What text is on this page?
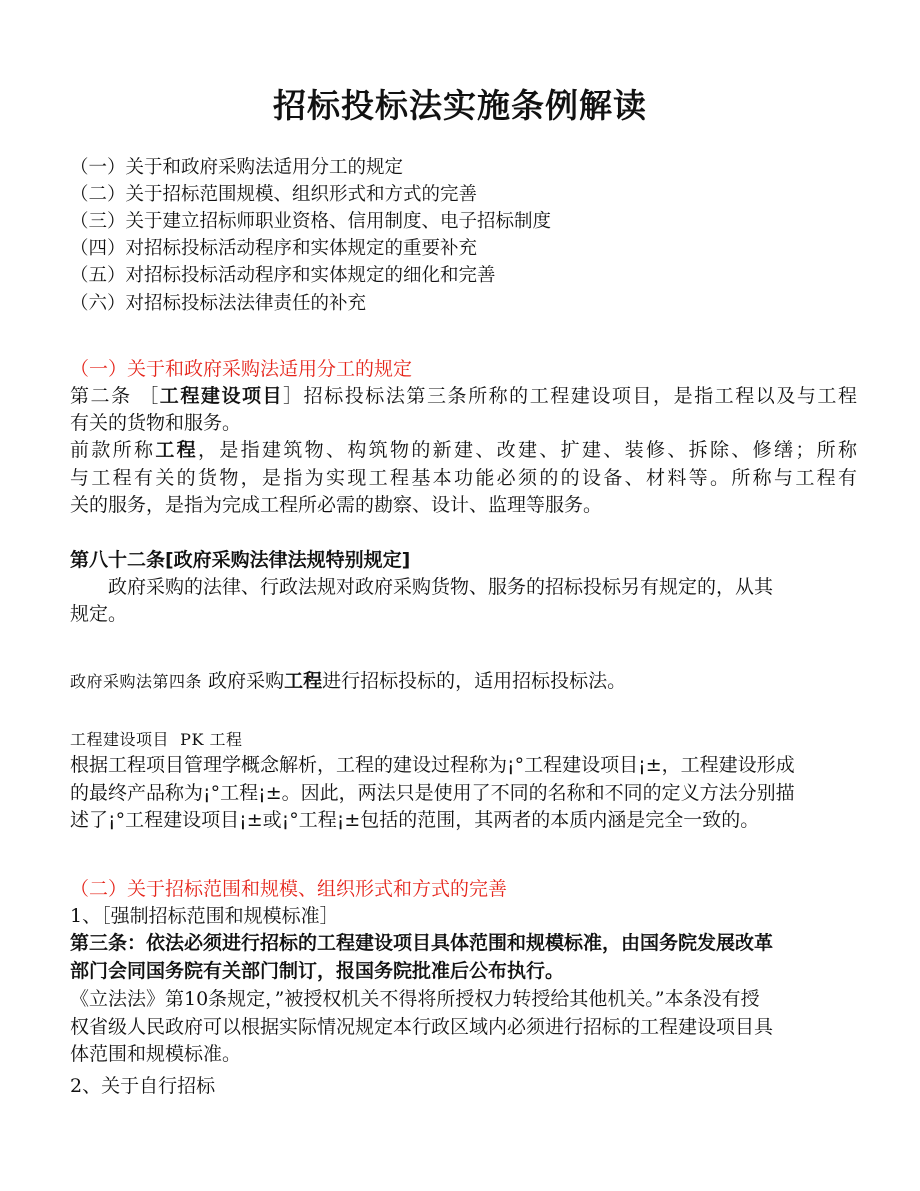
招标投标法实施条例解读

（一）关于和政府采购法适用分工的规定

（二）关于招标范围规模、组织形式和方式的完善

（三）关于建立招标师职业资格、信用制度、电子招标制度

（四）对招标投标活动程序和实体规定的重要补充

（五）对招标投标活动程序和实体规定的细化和完善

（六）对招标投标法法律责任的补充

（一）关于和政府采购法适用分工的规定

第二条 ［工程建设项目］招标投标法第三条所称的工程建设项目，是指工程以及与工程

有关的货物和服务。

前款所称工程，是指建筑物、构筑物的新建、改建、扩建、装修、拆除、修缮；所称

与工程有关的货物，是指为实现工程基本功能必须的的设备、材料等。所称与工程有

关的服务，是指为完成工程所必需的勘察、设计、监理等服务。

第八十二条[政府采购法律法规特别规定]

政府采购的法律、行政法规对政府采购货物、服务的招标投标另有规定的，从其

规定。

政府采购法第四条 政府采购工程进行招标投标的，适用招标投标法。

工程建设项目  PK 工程

根据工程项目管理学概念解析，工程的建设过程称为¡°工程建设项目¡±，工程建设形成

的最终产品称为¡°工程¡±。因此，两法只是使用了不同的名称和不同的定义方法分别描

述了¡°工程建设项目¡±或¡°工程¡±包括的范围，其两者的本质内涵是完全一致的。

（二）关于招标范围和规模、组织形式和方式的完善

1、［强制招标范围和规模标准］

第三条：依法必须进行招标的工程建设项目具体范围和规模标准，由国务院发展改革

部门会同国务院有关部门制订，报国务院批准后公布执行。

《立法法》第10条规定，”被授权机关不得将所授权力转授给其他机关。”本条没有授

权省级人民政府可以根据实际情况规定本行政区域内必须进行招标的工程建设项目具

体范围和规模标准。

2、关于自行招标
